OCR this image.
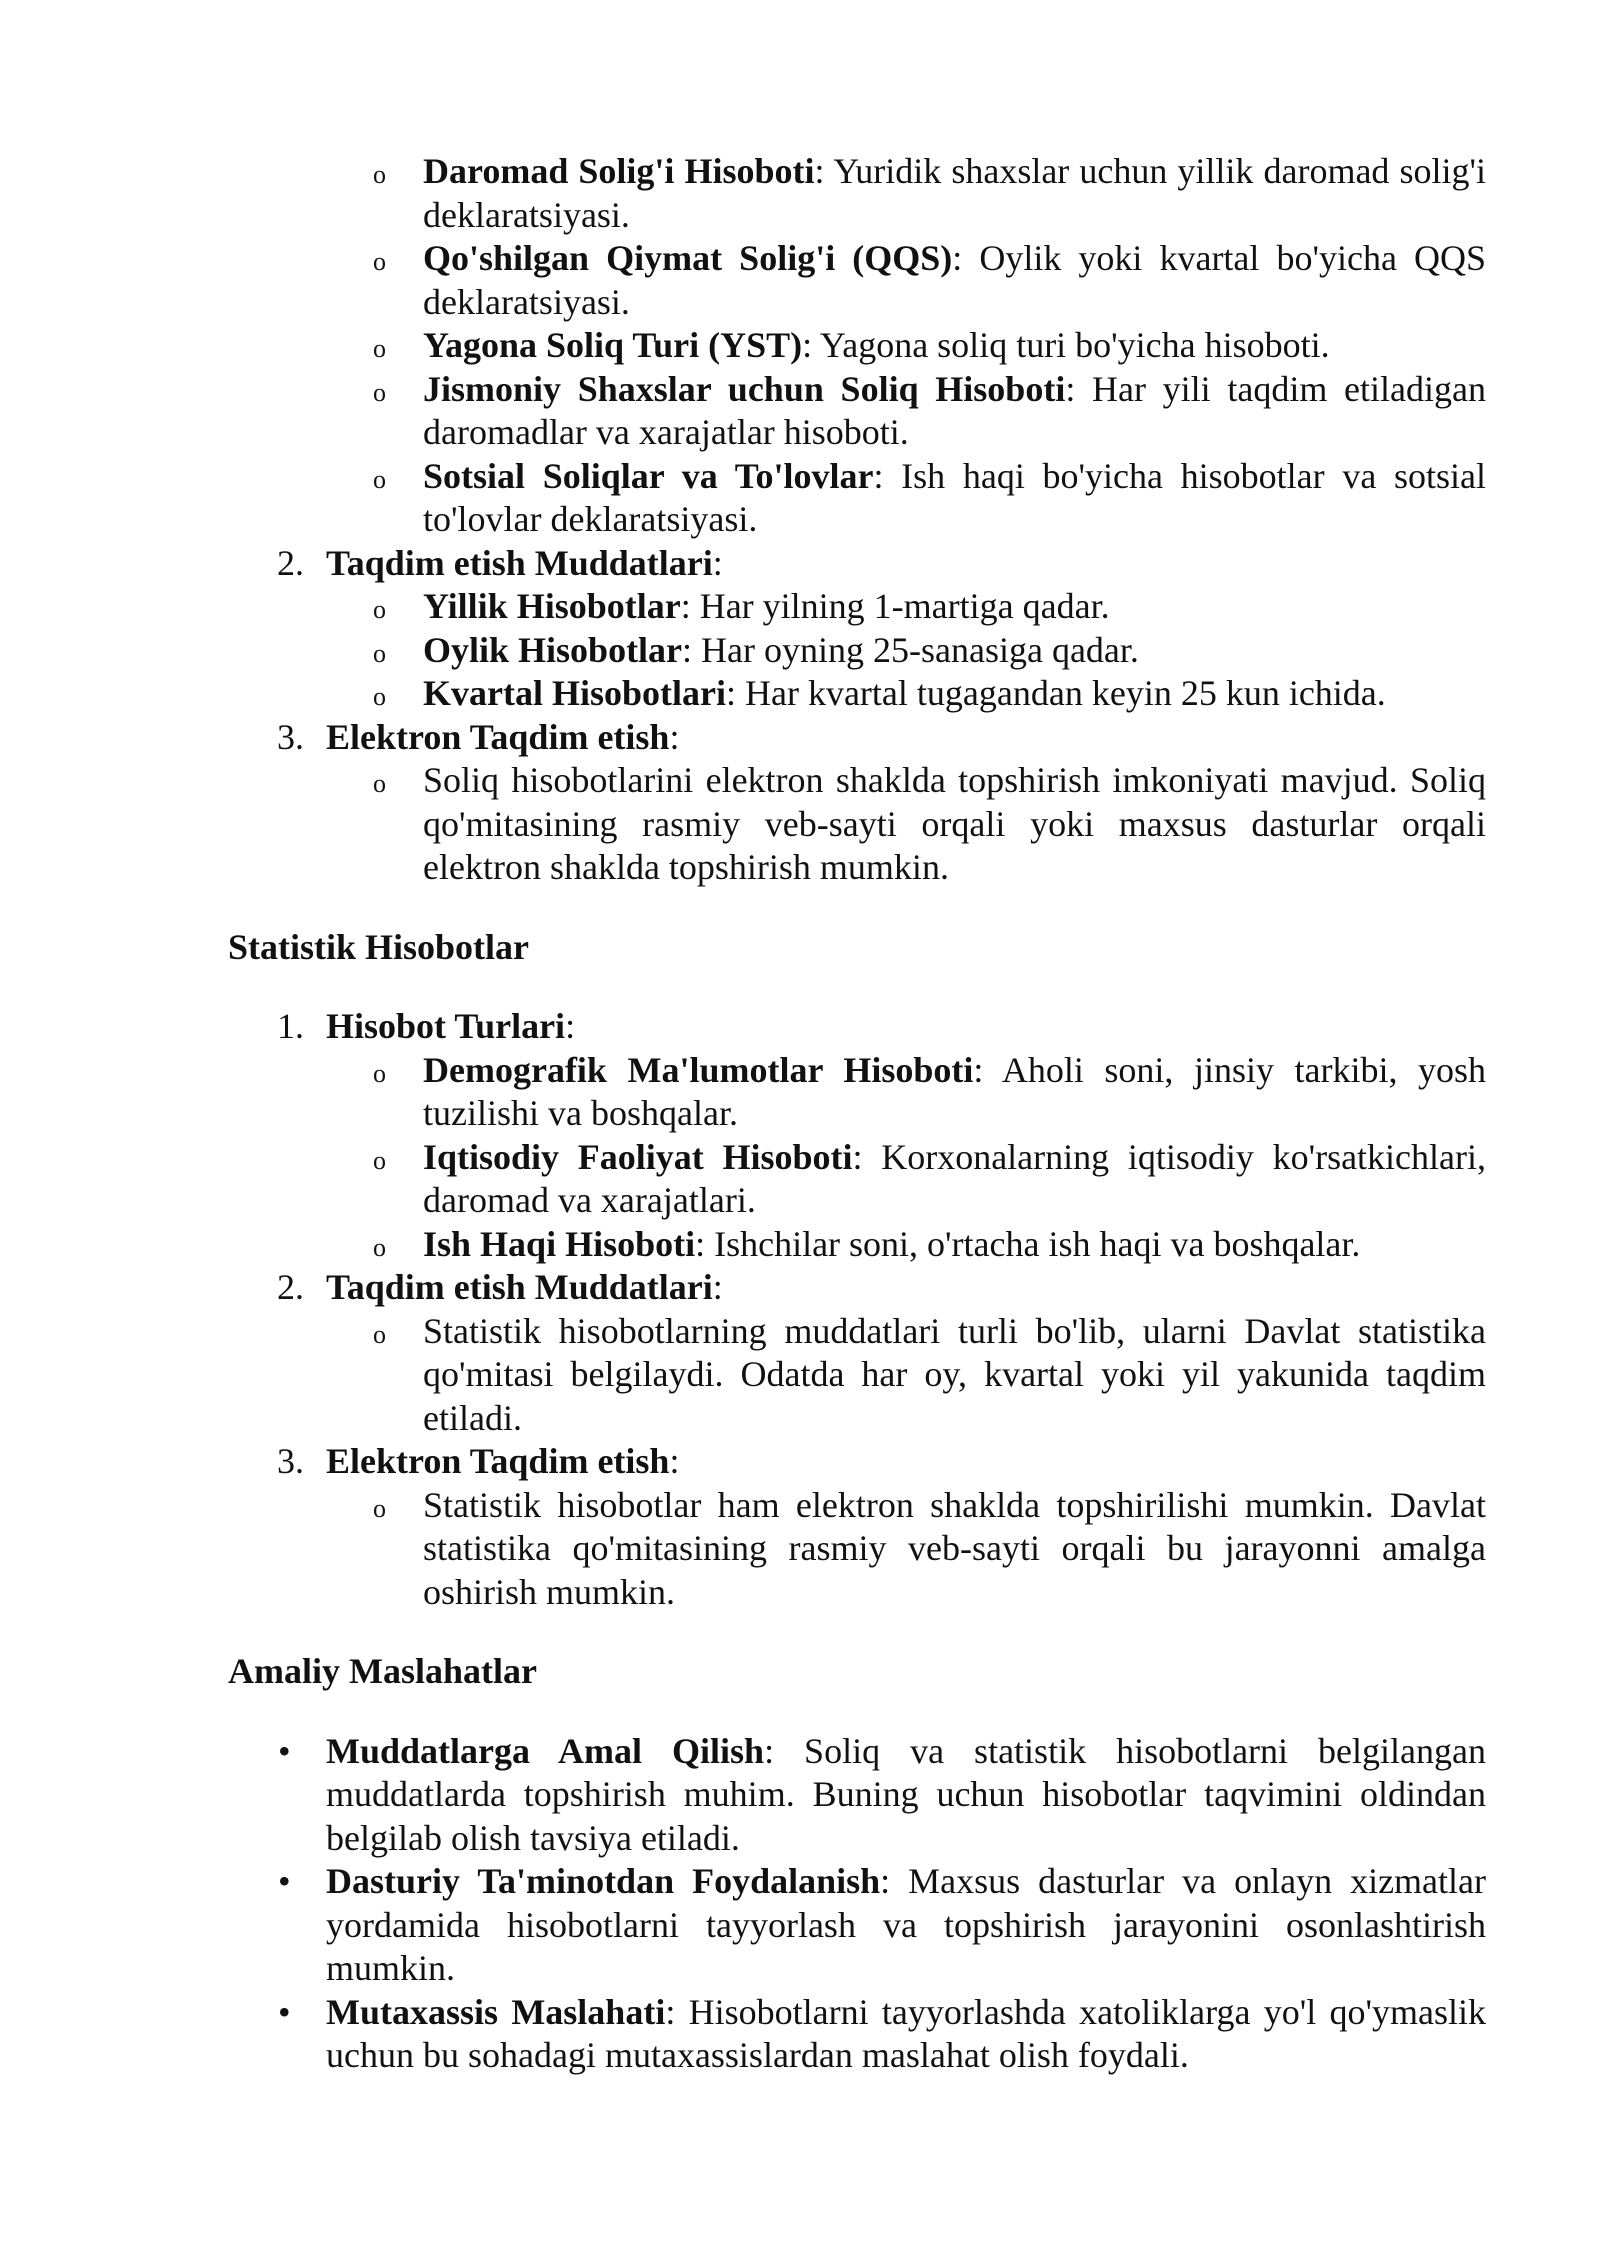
o Daromad Solig'i Hisoboti: Yuridik shaxslar uchun yillik daromad solig'i deklaratsiyasi.
o Qo'shilgan Qiymat Solig'i (QQS): Oylik yoki kvartal bo'yicha QQS deklaratsiyasi.
o Yagona Soliq Turi (YST): Yagona soliq turi bo'yicha hisoboti.
o Jismoniy Shaxslar uchun Soliq Hisoboti: Har yili taqdim etiladigan daromadlar va xarajatlar hisoboti.
o Sotsial Soliqlar va To'lovlar: Ish haqi bo'yicha hisobotlar va sotsial to'lovlar deklaratsiyasi.
2. Taqdim etish Muddatlari:
o Yillik Hisobotlar: Har yilning 1-martiga qadar.
o Oylik Hisobotlar: Har oyning 25-sanasiga qadar.
o Kvartal Hisobotlari: Har kvartal tugagandan keyin 25 kun ichida.
3. Elektron Taqdim etish:
o Soliq hisobotlarini elektron shaklda topshirish imkoniyati mavjud. Soliq qo'mitasining rasmiy veb-sayti orqali yoki maxsus dasturlar orqali elektron shaklda topshirish mumkin.
Statistik Hisobotlar
1. Hisobot Turlari:
o Demografik Ma'lumotlar Hisoboti: Aholi soni, jinsiy tarkibi, yosh tuzilishi va boshqalar.
o Iqtisodiy Faoliyat Hisoboti: Korxonalarning iqtisodiy ko'rsatkichlari, daromad va xarajatlari.
o Ish Haqi Hisoboti: Ishchilar soni, o'rtacha ish haqi va boshqalar.
2. Taqdim etish Muddatlari:
o Statistik hisobotlarning muddatlari turli bo'lib, ularni Davlat statistika qo'mitasi belgilaydi. Odatda har oy, kvartal yoki yil yakunida taqdim etiladi.
3. Elektron Taqdim etish:
o Statistik hisobotlar ham elektron shaklda topshirilishi mumkin. Davlat statistika qo'mitasining rasmiy veb-sayti orqali bu jarayonni amalga oshirish mumkin.
Amaliy Maslahatlar
• Muddatlarga Amal Qilish: Soliq va statistik hisobotlarni belgilangan muddatlarda topshirish muhim. Buning uchun hisobotlar taqvimini oldindan belgilab olish tavsiya etiladi.
• Dasturiy Ta'minotdan Foydalanish: Maxsus dasturlar va onlayn xizmatlar yordamida hisobotlarni tayyorlash va topshirish jarayonini osonlashtirish mumkin.
• Mutaxassis Maslahati: Hisobotlarni tayyorlashda xatoliklarga yo'l qo'ymaslik uchun bu sohadagi mutaxassislardan maslahat olish foydali.
